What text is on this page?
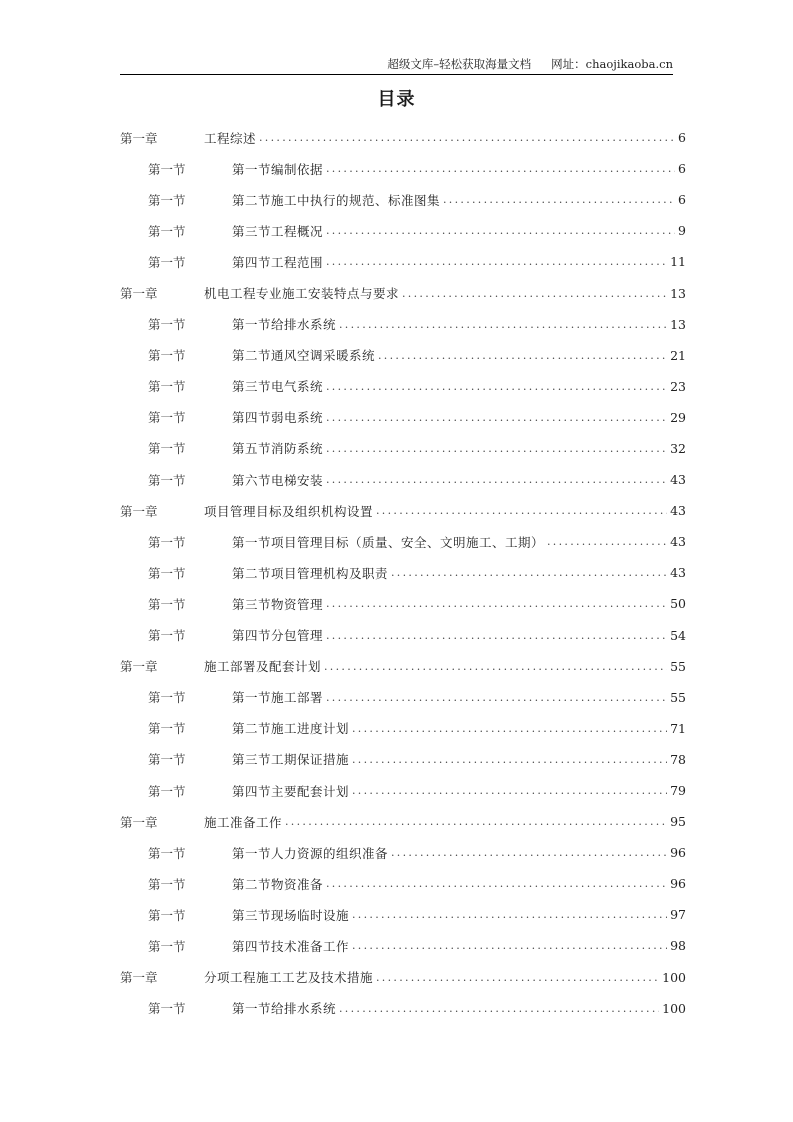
超级文库–轻松获取海量文档 网址：chaojikaoba.cn
目录
第一章	工程综述 . . .	6
第一节	第一节编制依据 . . .	6
第一节	第二节施工中执行的规范、标准图集 . . .	6
第一节	第三节工程概况 . . .	9
第一节	第四节工程范围 . . .	11
第一章	机电工程专业施工安装特点与要求 . . .	13
第一节	第一节给排水系统 . . .	13
第一节	第二节通风空调采暖系统 . . .	21
第一节	第三节电气系统 . . .	23
第一节	第四节弱电系统 . . .	29
第一节	第五节消防系统 . . .	32
第一节	第六节电梯安装 . . .	43
第一章	项目管理目标及组织机构设置 . . .	43
第一节	第一节项目管理目标（质量、安全、文明施工、工期） . . .	43
第一节	第二节项目管理机构及职责 . . .	43
第一节	第三节物资管理 . . .	50
第一节	第四节分包管理 . . .	54
第一章	施工部署及配套计划 . . .	55
第一节	第一节施工部署 . . .	55
第一节	第二节施工进度计划 . . .	71
第一节	第三节工期保证措施 . . .	78
第一节	第四节主要配套计划 . . .	79
第一章	施工准备工作 . . .	95
第一节	第一节人力资源的组织准备 . . .	96
第一节	第二节物资准备 . . .	96
第一节	第三节现场临时设施 . . .	97
第一节	第四节技术准备工作 . . .	98
第一章	分项工程施工工艺及技术措施 . . .	100
第一节	第一节给排水系统 . . .	100
